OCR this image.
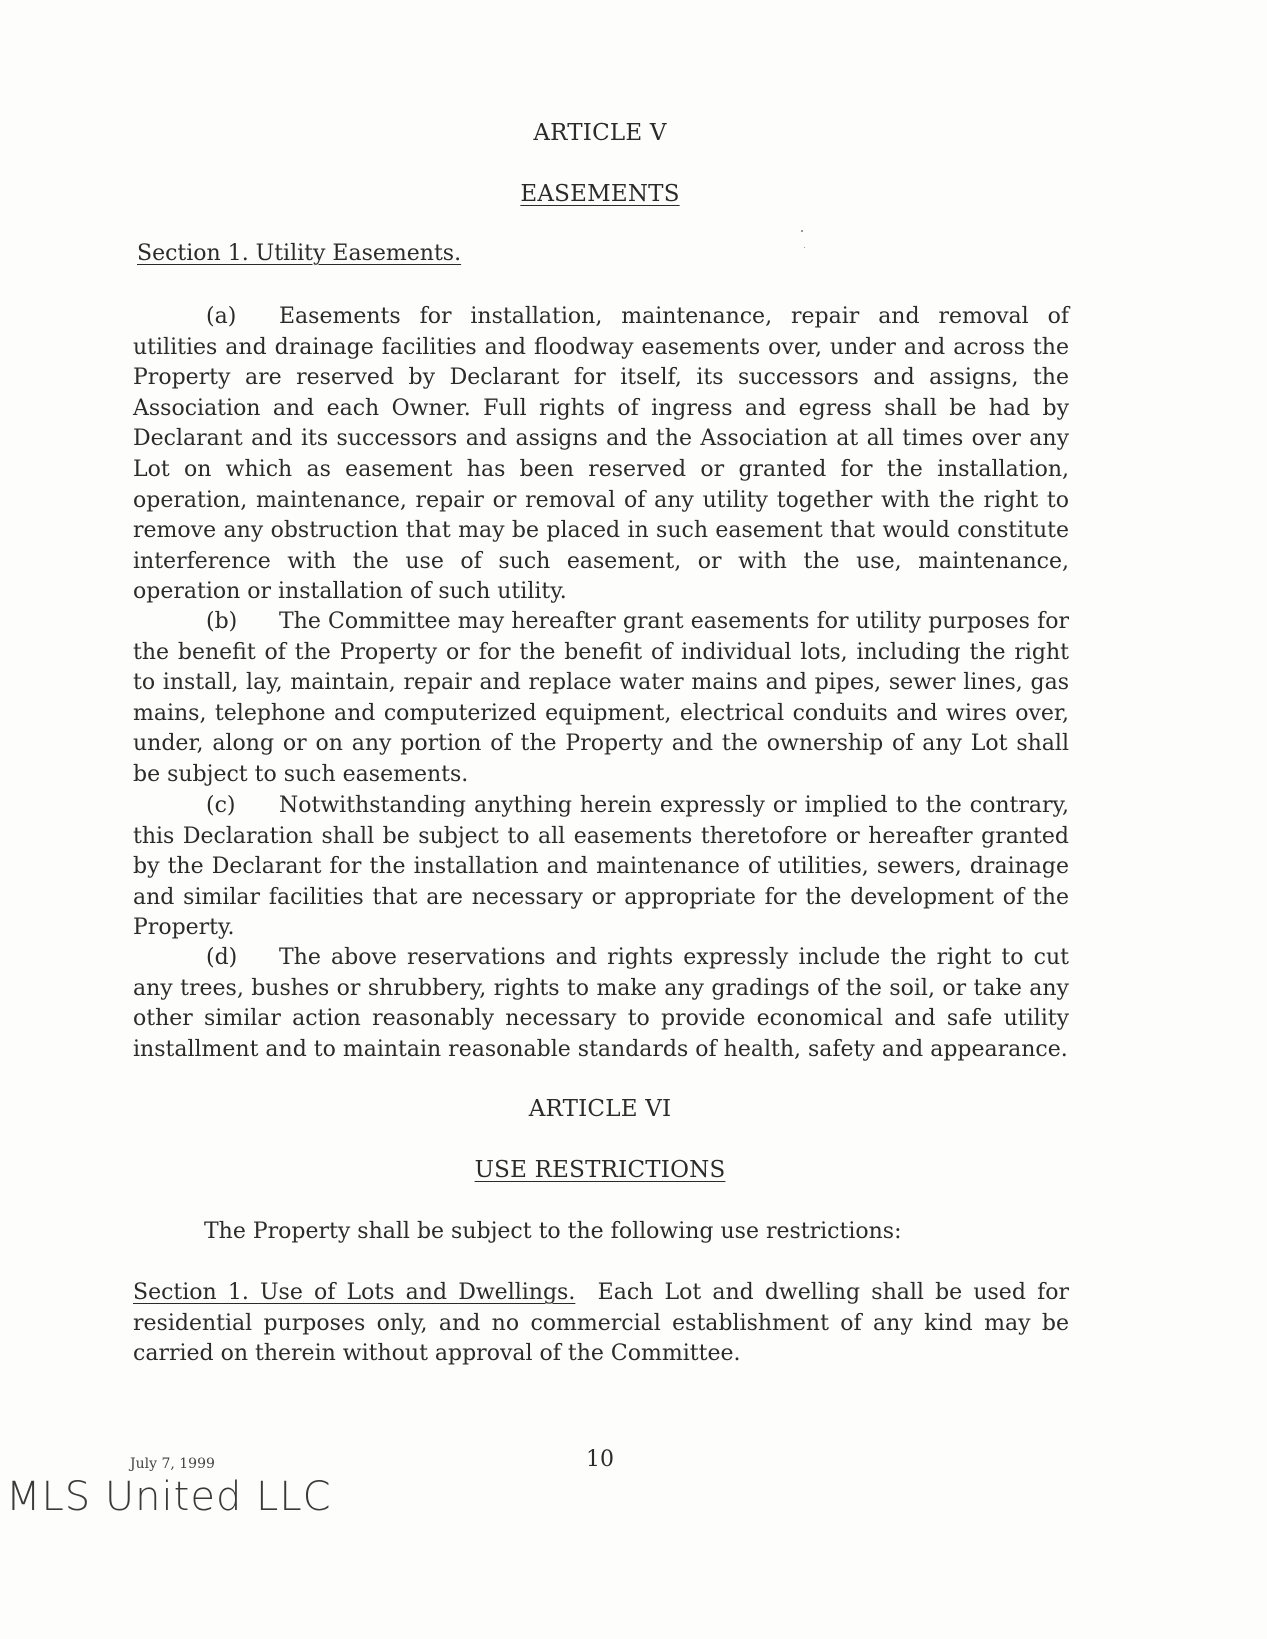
ARTICLE V
EASEMENTS
Section 1. Utility Easements.
(a) Easements for installation, maintenance, repair and removal of utilities and drainage facilities and floodway easements over, under and across the Property are reserved by Declarant for itself, its successors and assigns, the Association and each Owner. Full rights of ingress and egress shall be had by Declarant and its successors and assigns and the Association at all times over any Lot on which as easement has been reserved or granted for the installation, operation, maintenance, repair or removal of any utility together with the right to remove any obstruction that may be placed in such easement that would constitute interference with the use of such easement, or with the use, maintenance, operation or installation of such utility.
(b) The Committee may hereafter grant easements for utility purposes for the benefit of the Property or for the benefit of individual lots, including the right to install, lay, maintain, repair and replace water mains and pipes, sewer lines, gas mains, telephone and computerized equipment, electrical conduits and wires over, under, along or on any portion of the Property and the ownership of any Lot shall be subject to such easements.
(c) Notwithstanding anything herein expressly or implied to the contrary, this Declaration shall be subject to all easements theretofore or hereafter granted by the Declarant for the installation and maintenance of utilities, sewers, drainage and similar facilities that are necessary or appropriate for the development of the Property.
(d) The above reservations and rights expressly include the right to cut any trees, bushes or shrubbery, rights to make any gradings of the soil, or take any other similar action reasonably necessary to provide economical and safe utility installment and to maintain reasonable standards of health, safety and appearance.
ARTICLE VI
USE RESTRICTIONS
The Property shall be subject to the following use restrictions:
Section 1. Use of Lots and Dwellings. Each Lot and dwelling shall be used for residential purposes only, and no commercial establishment of any kind may be carried on therein without approval of the Committee.
July 7, 1999	10
MLS United LLC
